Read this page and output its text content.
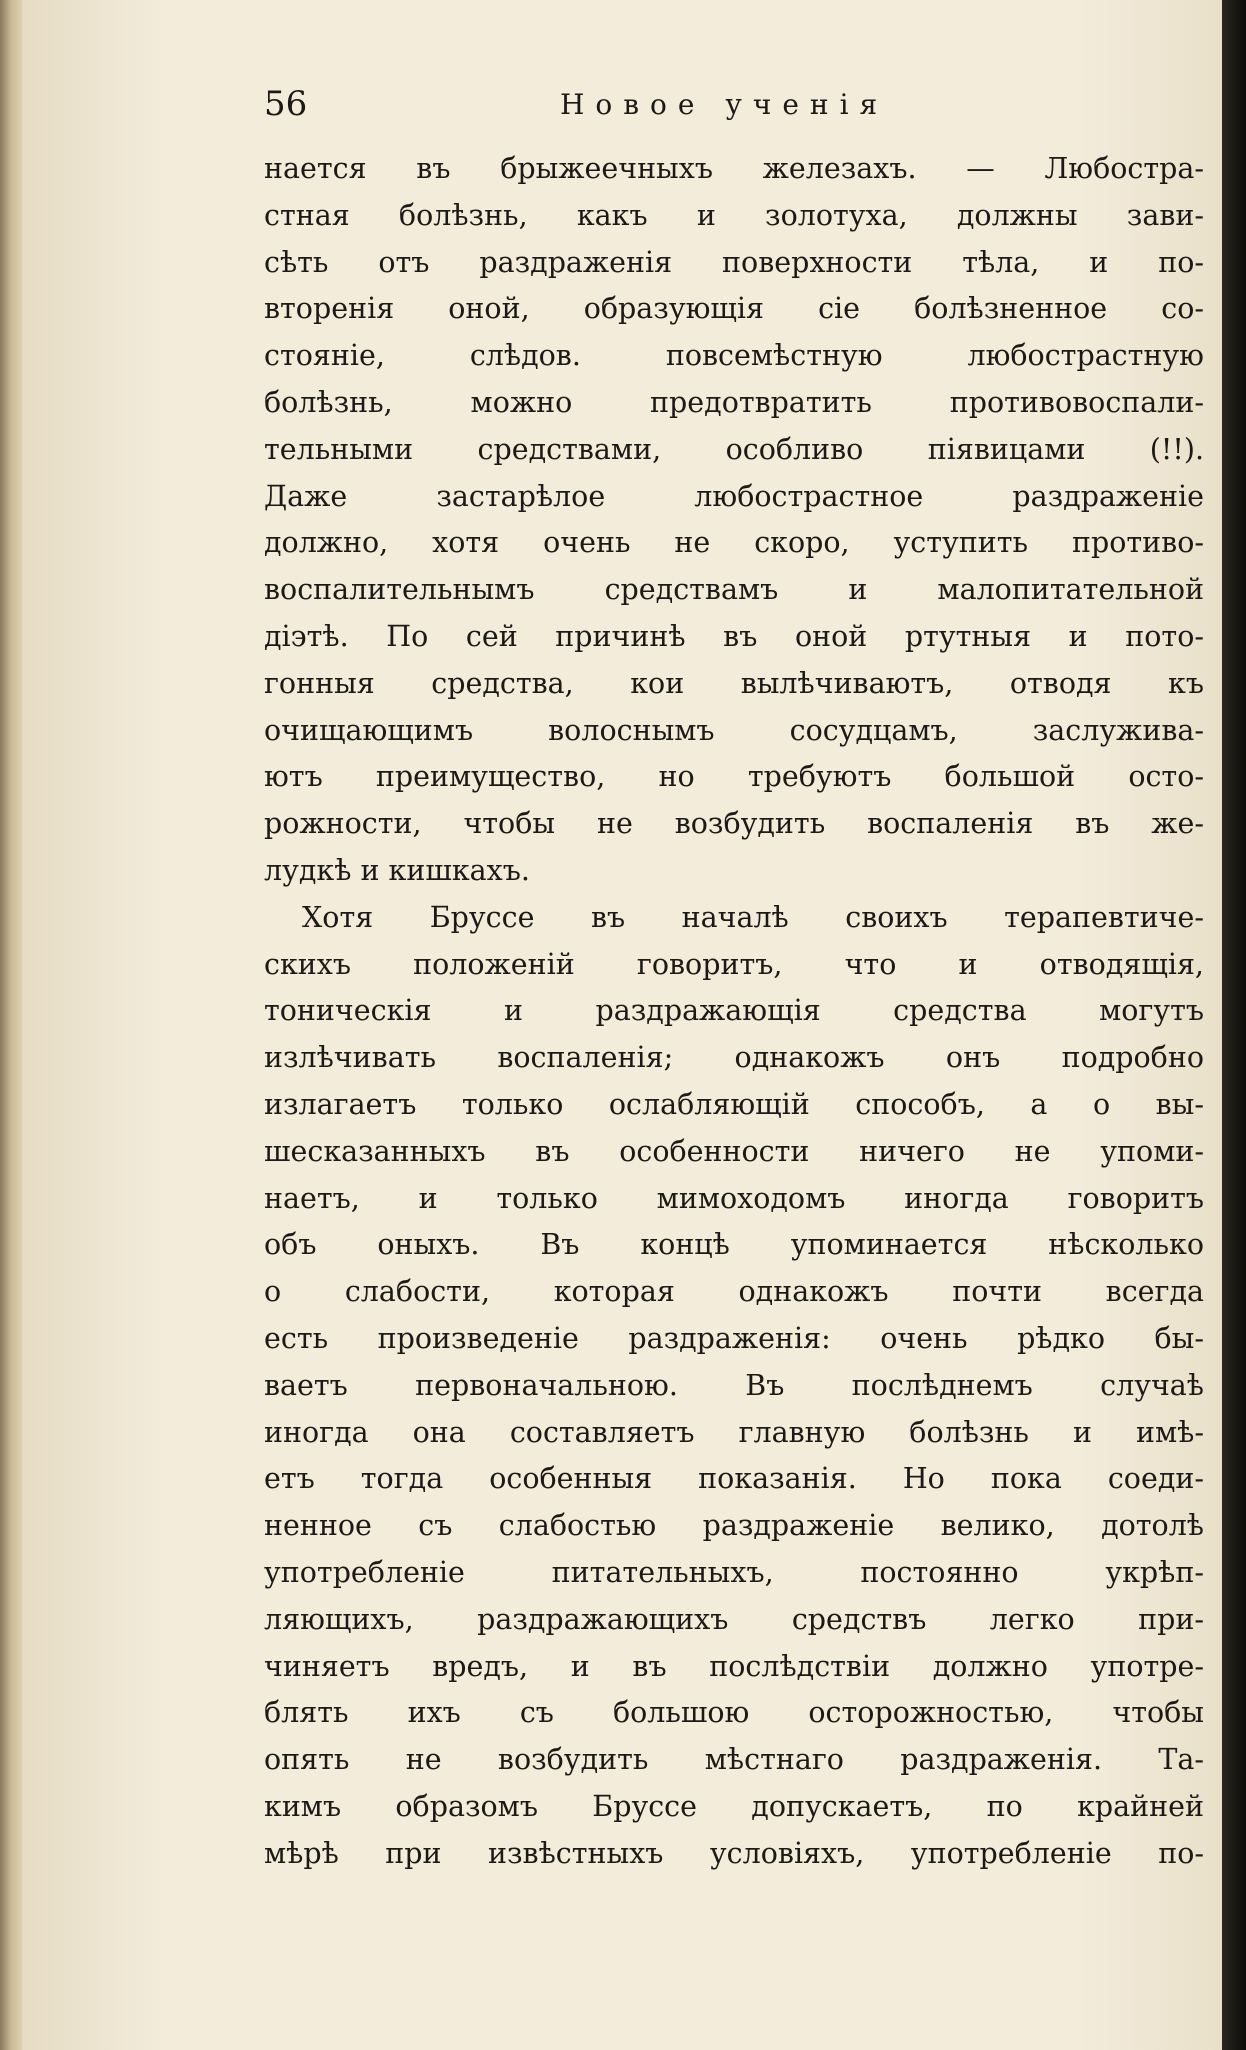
56	Новое ученія
нается въ брыжеечныхъ железахъ. — Любостра-
стная болѣзнь, какъ и золотуха, должны зави-
сѣть отъ раздраженія поверхности тѣла, и по-
вторенія оной, образующія сіе болѣзненное со-
стояніе, слѣдов. повсемѣстную любострастную
болѣзнь, можно предотвратить противовоспали-
тельными средствами, особливо піявицами (!!).
Даже застарѣлое любострастное раздраженіе
должно, хотя очень не скоро, уступить противо-
воспалительнымъ средствамъ и малопитательной
діэтѣ. По сей причинѣ въ оной ртутныя и пото-
гонныя средства, кои вылѣчиваютъ, отводя къ
очищающимъ волоснымъ сосудцамъ, заслужива-
ютъ преимущество, но требуютъ большой осто-
рожности, чтобы не возбудить воспаленія въ же-
лудкѣ и кишкахъ.
Хотя Бруссе въ началѣ своихъ терапевтиче-
скихъ положеній говоритъ, что и отводящія,
тоническія и раздражающія средства могутъ
излѣчивать воспаленія; однакожъ онъ подробно
излагаетъ только ослабляющій способъ, а о вы-
шесказанныхъ въ особенности ничего не упоми-
наетъ, и только мимоходомъ иногда говоритъ
объ оныхъ. Въ концѣ упоминается нѣсколько
о слабости, которая однакожъ почти всегда
есть произведеніе раздраженія: очень рѣдко бы-
ваетъ первоначальною. Въ послѣднемъ случаѣ
иногда она составляетъ главную болѣзнь и имѣ-
етъ тогда особенныя показанія. Но пока соеди-
ненное съ слабостью раздраженіе велико, дотолѣ
употребленіе питательныхъ, постоянно укрѣп-
ляющихъ, раздражающихъ средствъ легко при-
чиняетъ вредъ, и въ послѣдствіи должно употре-
блять ихъ съ большою осторожностью, чтобы
опять не возбудить мѣстнаго раздраженія. Та-
кимъ образомъ Бруссе допускаетъ, по крайней
мѣрѣ при извѣстныхъ условіяхъ, употребленіе по-
